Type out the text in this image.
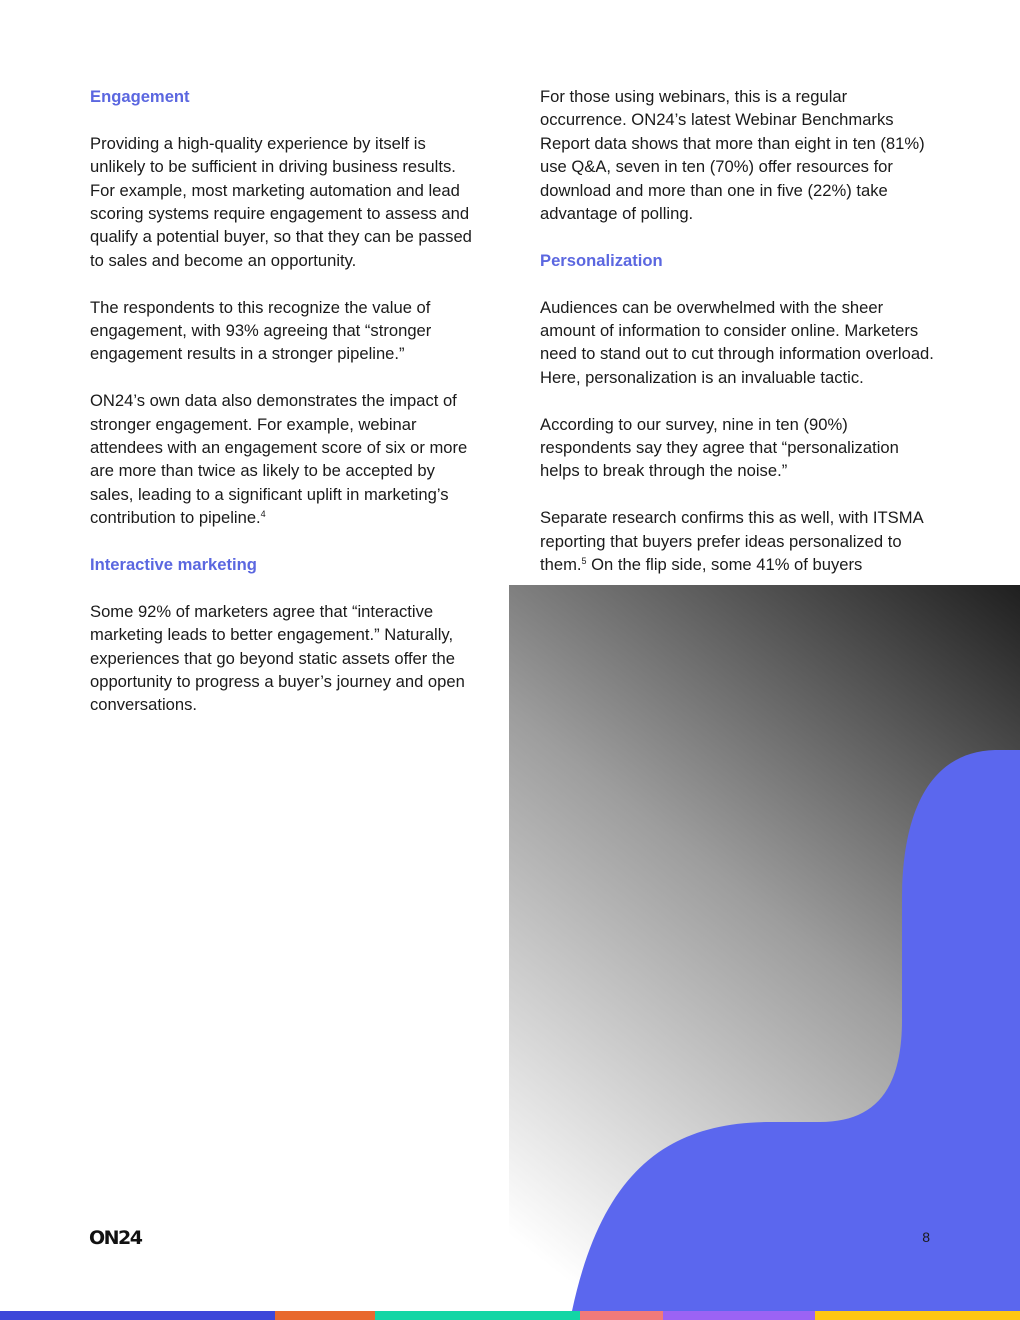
Engagement

Providing a high-quality experience by itself is unlikely to be sufficient in driving business results. For example, most marketing automation and lead scoring systems require engagement to assess and qualify a potential buyer, so that they can be passed to sales and become an opportunity.

The respondents to this recognize the value of engagement, with 93% agreeing that “stronger engagement results in a stronger pipeline.”

ON24’s own data also demonstrates the impact of stronger engagement. For example, webinar attendees with an engagement score of six or more are more than twice as likely to be accepted by sales, leading to a significant uplift in marketing’s contribution to pipeline.$^4$

Interactive marketing

Some 92% of marketers agree that “interactive marketing leads to better engagement.” Naturally, experiences that go beyond static assets offer the opportunity to progress a buyer’s journey and open conversations.

For those using webinars, this is a regular occurrence. ON24’s latest Webinar Benchmarks Report data shows that more than eight in ten (81%) use Q&A, seven in ten (70%) offer resources for download and more than one in five (22%) take advantage of polling.

Personalization

Audiences can be overwhelmed with the sheer amount of information to consider online. Marketers need to stand out to cut through information overload. Here, personalization is an invaluable tactic.

According to our survey, nine in ten (90%) respondents say they agree that “personalization helps to break through the noise.”

Separate research confirms this as well, with ITSMA reporting that buyers prefer ideas personalized to them.$^5$ On the flip side, some 41% of buyers

ON24	8
